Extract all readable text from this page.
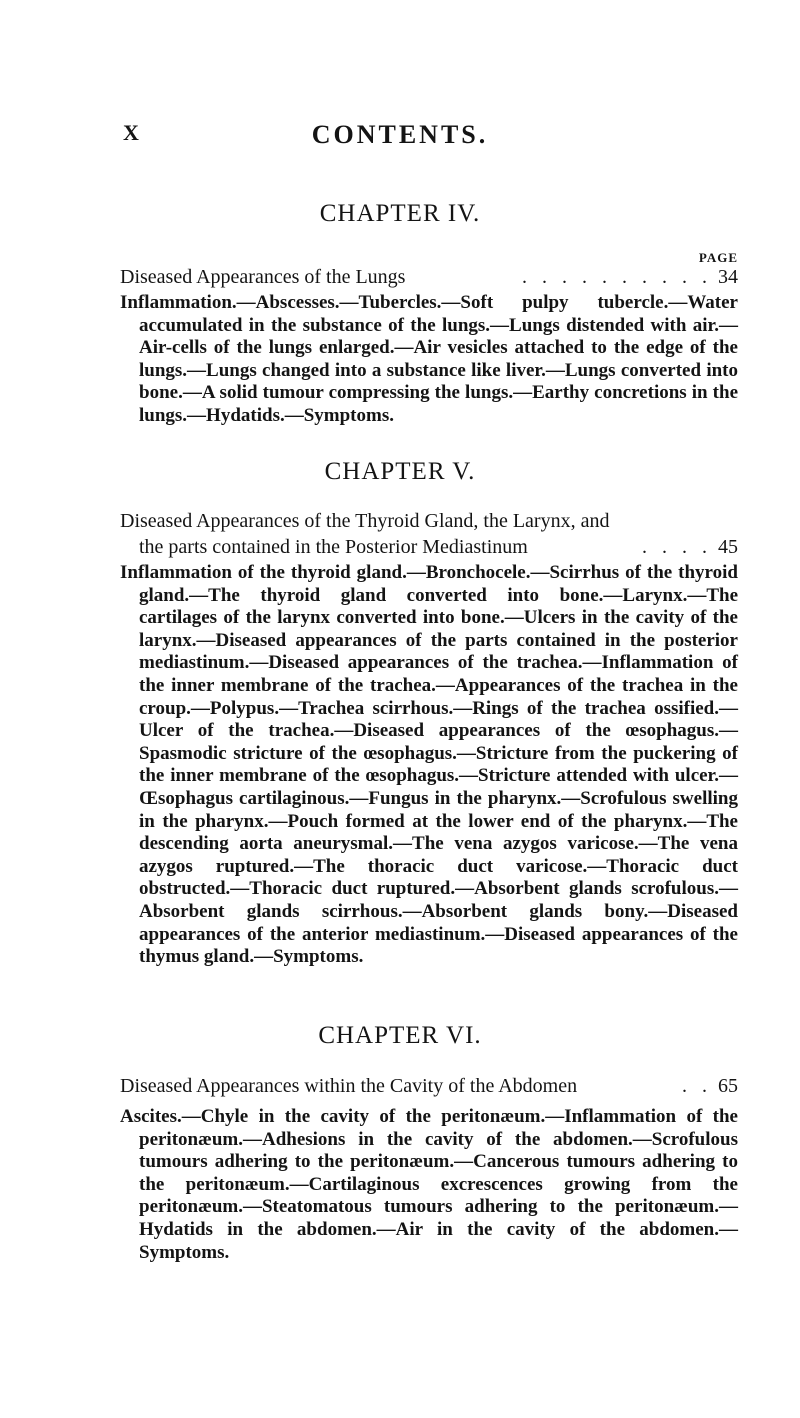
X	CONTENTS.
CHAPTER IV.
PAGE
Diseased Appearances of the Lungs	. . . . . . . . . . 34
Inflammation.—Abscesses.—Tubercles.—Soft pulpy tubercle.—Water accumulated in the substance of the lungs.—Lungs distended with air.—Air-cells of the lungs enlarged.—Air vesicles attached to the edge of the lungs.—Lungs changed into a substance like liver.—Lungs converted into bone.—A solid tumour compressing the lungs.—Earthy concretions in the lungs.—Hydatids.—Symptoms.
CHAPTER V.
Diseased Appearances of the Thyroid Gland, the Larynx, and
the parts contained in the Posterior Mediastinum	. . . . 45
Inflammation of the thyroid gland.—Bronchocele.—Scirrhus of the thyroid gland.—The thyroid gland converted into bone.—Larynx.—The cartilages of the larynx converted into bone.—Ulcers in the cavity of the larynx.—Diseased appearances of the parts contained in the posterior mediastinum.—Diseased appearances of the trachea.—Inflammation of the inner membrane of the trachea.—Appearances of the trachea in the croup.—Polypus.—Trachea scirrhous.—Rings of the trachea ossified.—Ulcer of the trachea.—Diseased appearances of the œsophagus.—Spasmodic stricture of the œsophagus.—Stricture from the puckering of the inner membrane of the œsophagus.—Stricture attended with ulcer.—Œsophagus cartilaginous.—Fungus in the pharynx.—Scrofulous swelling in the pharynx.—Pouch formed at the lower end of the pharynx.—The descending aorta aneurysmal.—The vena azygos varicose.—The vena azygos ruptured.—The thoracic duct varicose.—Thoracic duct obstructed.—Thoracic duct ruptured.—Absorbent glands scrofulous.—Absorbent glands scirrhous.—Absorbent glands bony.—Diseased appearances of the anterior mediastinum.—Diseased appearances of the thymus gland.—Symptoms.
CHAPTER VI.
Diseased Appearances within the Cavity of the Abdomen	. . 65
Ascites.—Chyle in the cavity of the peritonæum.—Inflammation of the peritonæum.—Adhesions in the cavity of the abdomen.—Scrofulous tumours adhering to the peritonæum.—Cancerous tumours adhering to the peritonæum.—Cartilaginous excrescences growing from the peritonæum.—Steatomatous tumours adhering to the peritonæum.—Hydatids in the abdomen.—Air in the cavity of the abdomen.—Symptoms.
